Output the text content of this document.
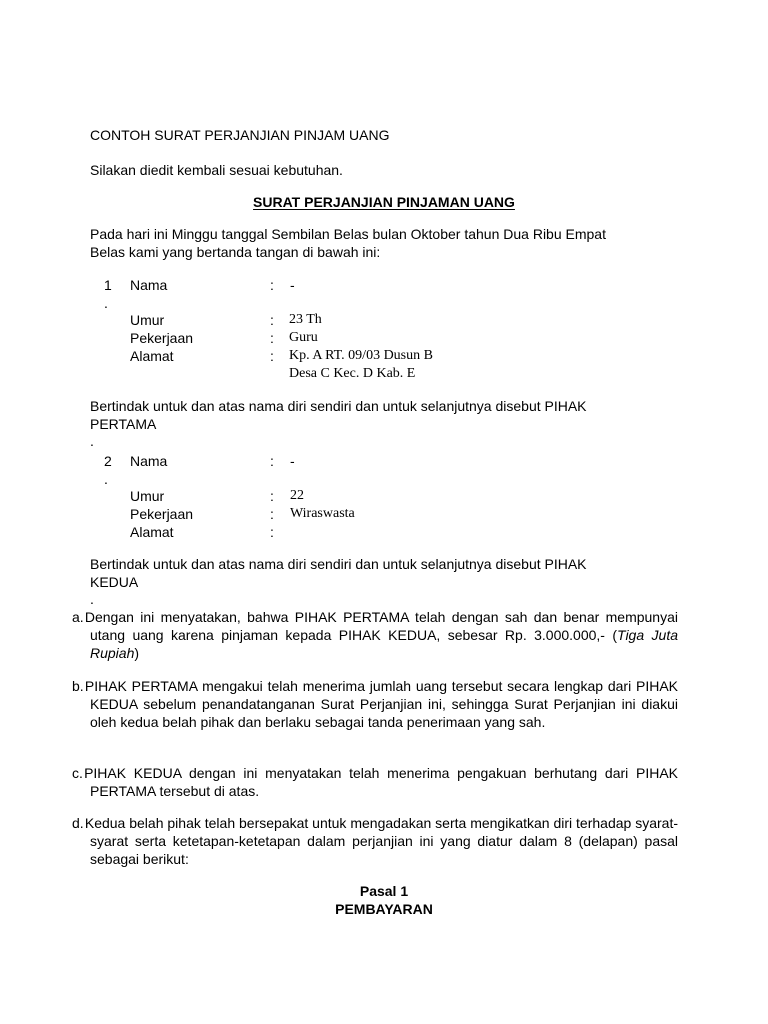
CONTOH SURAT PERJANJIAN PINJAM UANG
Silakan diedit kembali sesuai kebutuhan.
SURAT PERJANJIAN PINJAMAN UANG
Pada hari ini Minggu tanggal Sembilan Belas bulan Oktober tahun Dua Ribu Empat
Belas kami yang bertanda tangan di bawah ini:
1
.
Nama	: -
Umur	: 23 Th
Pekerjaan	: Guru
Alamat	: Kp. A RT. 09/03 Dusun B
Desa C Kec. D Kab. E
Bertindak untuk dan atas nama diri sendiri dan untuk selanjutnya disebut PIHAK
PERTAMA
.
2
.
Nama	: -
Umur	: 22
Pekerjaan	: Wiraswasta
Alamat	:
Bertindak untuk dan atas nama diri sendiri dan untuk selanjutnya disebut PIHAK
KEDUA
.
a. Dengan ini menyatakan, bahwa PIHAK PERTAMA telah dengan sah dan benar mempunyai utang uang karena pinjaman kepada PIHAK KEDUA, sebesar Rp. 3.000.000,- (Tiga Juta Rupiah)
b. PIHAK PERTAMA mengakui telah menerima jumlah uang tersebut secara lengkap dari PIHAK KEDUA sebelum penandatanganan Surat Perjanjian ini, sehingga Surat Perjanjian ini diakui oleh kedua belah pihak dan berlaku sebagai tanda penerimaan yang sah.
c. PIHAK KEDUA dengan ini menyatakan telah menerima pengakuan berhutang dari PIHAK PERTAMA tersebut di atas.
d. Kedua belah pihak telah bersepakat untuk mengadakan serta mengikatkan diri terhadap syarat-syarat serta ketetapan-ketetapan dalam perjanjian ini yang diatur dalam 8 (delapan) pasal sebagai berikut:
Pasal 1
PEMBAYARAN
